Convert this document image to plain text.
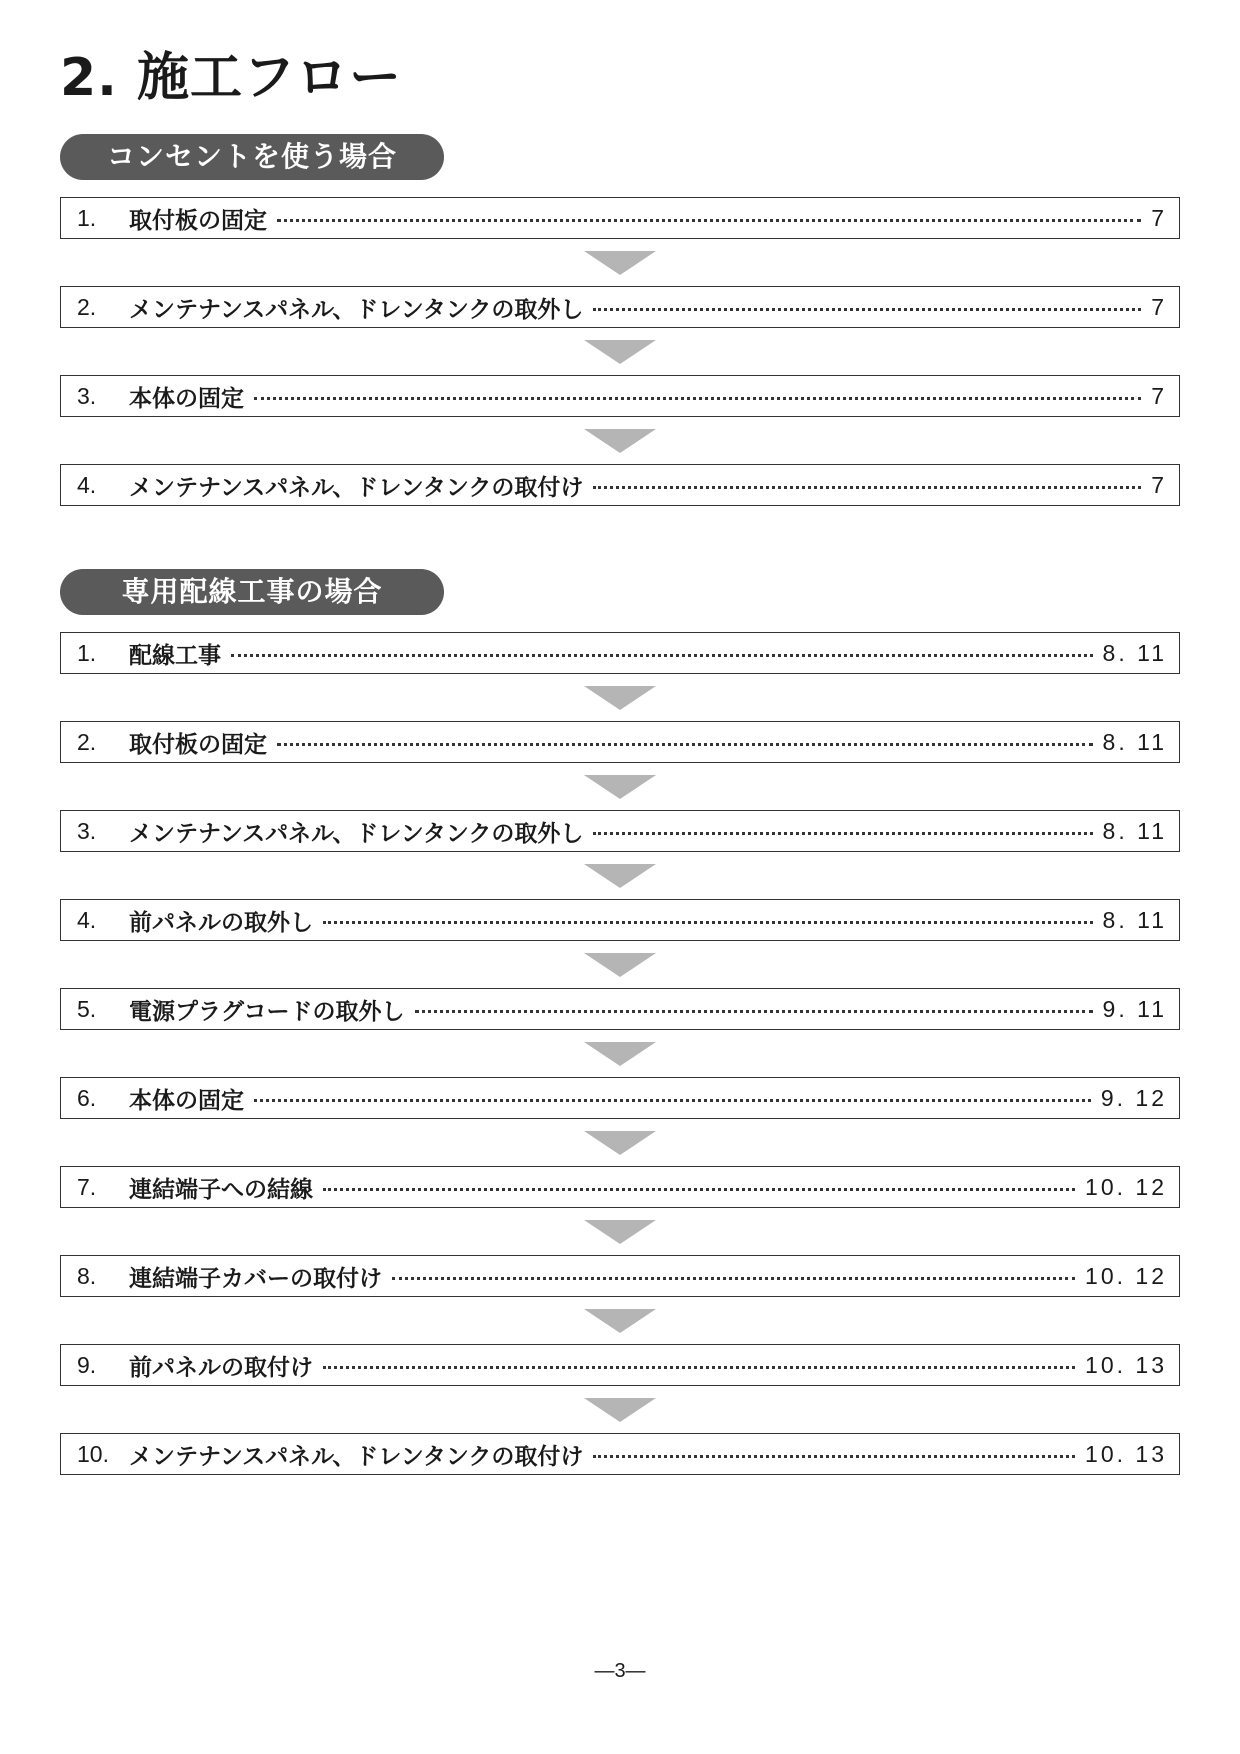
2. 施工フロー
コンセントを使う場合
1.	取付板の固定	7
2.	メンテナンスパネル、ドレンタンクの取外し	7
3.	本体の固定	7
4.	メンテナンスパネル、ドレンタンクの取付け	7
専用配線工事の場合
1.	配線工事	8. 11
2.	取付板の固定	8. 11
3.	メンテナンスパネル、ドレンタンクの取外し	8. 11
4.	前パネルの取外し	8. 11
5.	電源プラグコードの取外し	9. 11
6.	本体の固定	9. 12
7.	連結端子への結線	10. 12
8.	連結端子カバーの取付け	10. 12
9.	前パネルの取付け	10. 13
10. メンテナンスパネル、ドレンタンクの取付け	10. 13
—3—
